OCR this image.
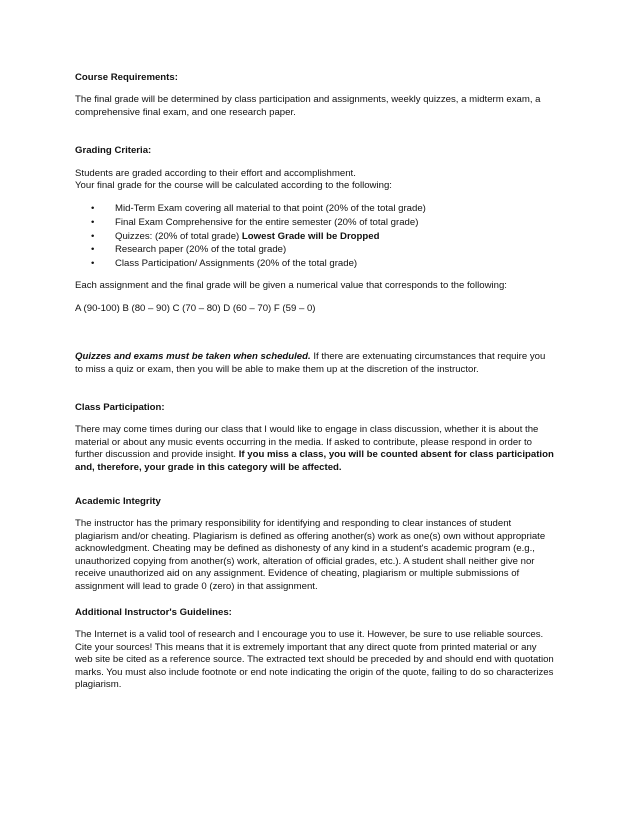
Course Requirements:

The final grade will be determined by class participation and assignments, weekly quizzes, a midterm exam, a comprehensive final exam, and one research paper.

Grading Criteria:

Students are graded according to their effort and accomplishment.

Your final grade for the course will be calculated according to the following:

• Mid-Term Exam covering all material to that point (20% of the total grade)
• Final Exam Comprehensive for the entire semester (20% of total grade)
• Quizzes: (20% of total grade) Lowest Grade will be Dropped
• Research paper (20% of the total grade)
• Class Participation/ Assignments (20% of the total grade)

Each assignment and the final grade will be given a numerical value that corresponds to the following:

A (90-100) B (80 – 90) C (70 – 80) D (60 – 70) F (59 – 0)

Quizzes and exams must be taken when scheduled. If there are extenuating circumstances that require you to miss a quiz or exam, then you will be able to make them up at the discretion of the instructor.

Class Participation:

There may come times during our class that I would like to engage in class discussion, whether it is about the material or about any music events occurring in the media. If asked to contribute, please respond in order to further discussion and provide insight. If you miss a class, you will be counted absent for class participation and, therefore, your grade in this category will be affected.

Academic Integrity

The instructor has the primary responsibility for identifying and responding to clear instances of student plagiarism and/or cheating. Plagiarism is defined as offering another(s) work as one(s) own without appropriate acknowledgment. Cheating may be defined as dishonesty of any kind in a student's academic program (e.g., unauthorized copying from another(s) work, alteration of official grades, etc.). A student shall neither give nor receive unauthorized aid on any assignment. Evidence of cheating, plagiarism or multiple submissions of assignment will lead to grade 0 (zero) in that assignment.

Additional Instructor's Guidelines:

The Internet is a valid tool of research and I encourage you to use it. However, be sure to use reliable sources. Cite your sources! This means that it is extremely important that any direct quote from printed material or any web site be cited as a reference source. The extracted text should be preceded by and should end with quotation marks. You must also include footnote or end note indicating the origin of the quote, failing to do so characterizes plagiarism.
